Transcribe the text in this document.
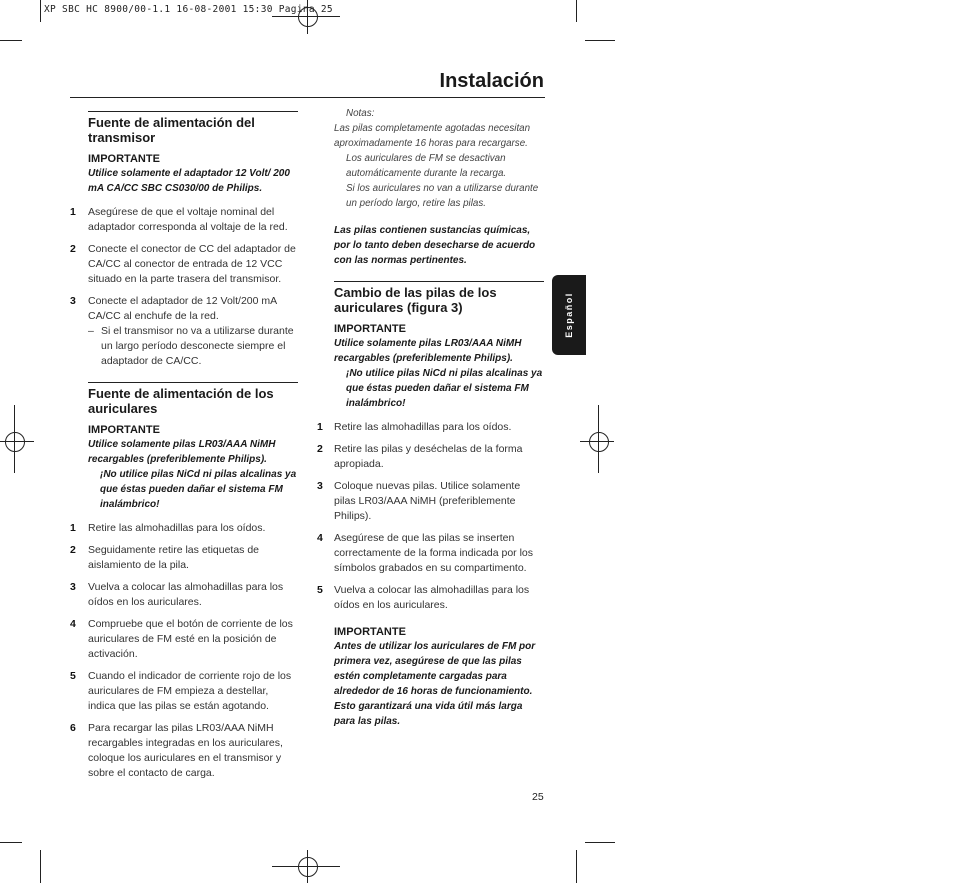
XP SBC HC 8900/00-1.1 16-08-2001 15:30 Pagina 25
Instalación
Fuente de alimentación del transmisor
IMPORTANTE
Utilice solamente el adaptador 12 Volt/ 200 mA CA/CC SBC CS030/00 de Philips.
1 Asegúrese de que el voltaje nominal del adaptador corresponda al voltaje de la red.
2 Conecte el conector de CC del adaptador de CA/CC al conector de entrada de 12 VCC situado en la parte trasera del transmisor.
3 Conecte el adaptador de 12 Volt/200 mA CA/CC al enchufe de la red.
– Si el transmisor no va a utilizarse durante un largo período desconecte siempre el adaptador de CA/CC.
Fuente de alimentación de los auriculares
IMPORTANTE
Utilice solamente pilas LR03/AAA NiMH recargables (preferiblemente Philips).
¡No utilice pilas NiCd ni pilas alcalinas ya que éstas pueden dañar el sistema FM inalámbrico!
1 Retire las almohadillas para los oídos.
2 Seguidamente retire las etiquetas de aislamiento de la pila.
3 Vuelva a colocar las almohadillas para los oídos en los auriculares.
4 Compruebe que el botón de corriente de los auriculares de FM esté en la posición de activación.
5 Cuando el indicador de corriente rojo de los auriculares de FM empieza a destellar, indica que las pilas se están agotando.
6 Para recargar las pilas LR03/AAA NiMH recargables integradas en los auriculares, coloque los auriculares en el transmisor y sobre el contacto de carga.
Notas:
Las pilas completamente agotadas necesitan aproximadamente 16 horas para recargarse.
Los auriculares de FM se desactivan automáticamente durante la recarga.
Si los auriculares no van a utilizarse durante un período largo, retire las pilas.
Las pilas contienen sustancias químicas, por lo tanto deben desecharse de acuerdo con las normas pertinentes.
Cambio de las pilas de los auriculares (figura 3)
IMPORTANTE
Utilice solamente pilas LR03/AAA NiMH recargables (preferiblemente Philips).
¡No utilice pilas NiCd ni pilas alcalinas ya que éstas pueden dañar el sistema FM inalámbrico!
1 Retire las almohadillas para los oídos.
2 Retire las pilas y deséchelas de la forma apropiada.
3 Coloque nuevas pilas. Utilice solamente pilas LR03/AAA NiMH (preferiblemente Philips).
4 Asegúrese de que las pilas se inserten correctamente de la forma indicada por los símbolos grabados en su compartimento.
5 Vuelva a colocar las almohadillas para los oídos en los auriculares.
IMPORTANTE
Antes de utilizar los auriculares de FM por primera vez, asegúrese de que las pilas estén completamente cargadas para alrededor de 16 horas de funcionamiento. Esto garantizará una vida útil más larga para las pilas.
Español
25
